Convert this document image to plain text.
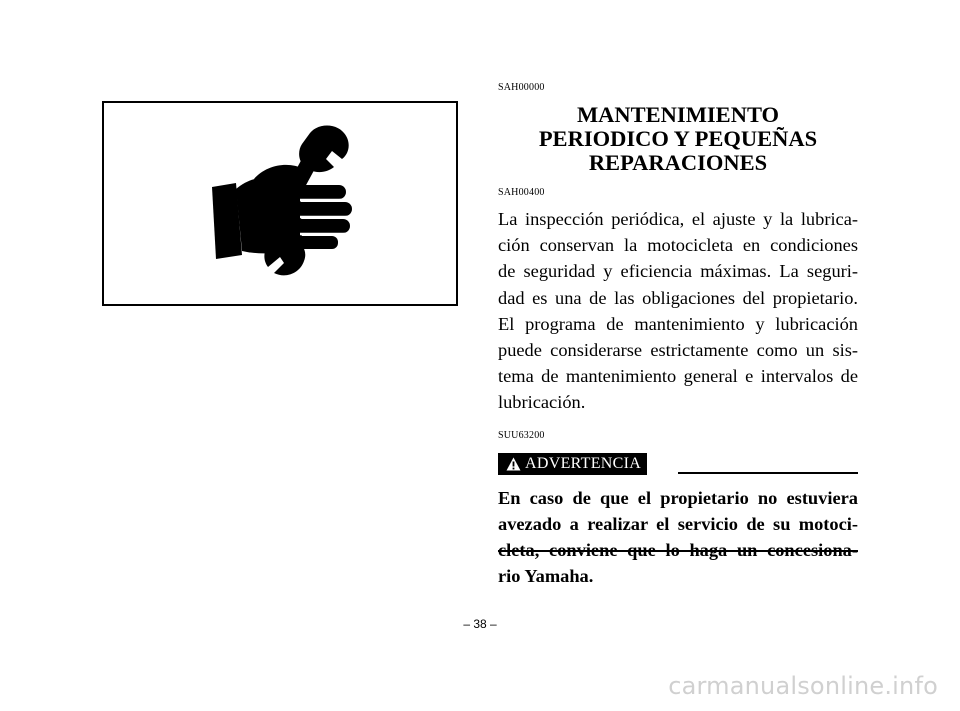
SAH00000

MANTENIMIENTO
PERIODICO Y PEQUEÑAS
REPARACIONES

SAH00400

La inspección periódica, el ajuste y la lubrica-
ción conservan la motocicleta en condiciones
de seguridad y eficiencia máximas. La seguri-
dad es una de las obligaciones del propietario.
El programa de mantenimiento y lubricación
puede considerarse estrictamente como un sis-
tema de mantenimiento general e intervalos de
lubricación.

SUU63200

ADVERTENCIA
En caso de que el propietario no estuviera
avezado a realizar el servicio de su motoci-
cleta, conviene que lo haga un concesiona-
rio Yamaha.
– 38 –
carmanualsonline.info
